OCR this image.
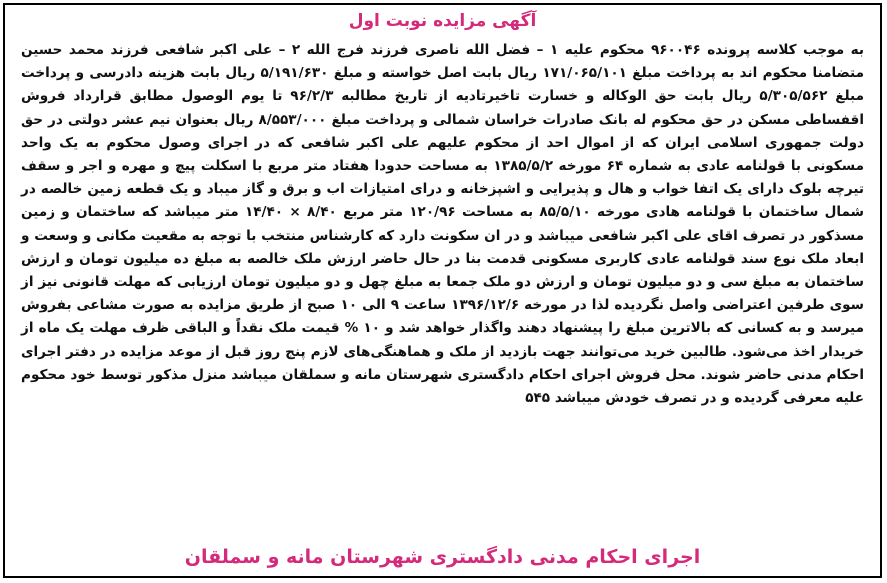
آگهی مزایده نوبت اول
به موجب کلاسه پرونده ۹۶۰۰۴۶ محکوم علیه ۱ – فضل الله ناصری فرزند فرج الله ۲ – علی اکبر شافعی فرزند محمد حسین متضامنا محکوم اند به پرداخت مبلغ ۱۷۱/۰۶۵/۱۰۱ ریال بابت اصل خواسته و مبلغ ۵/۱۹۱/۶۳۰ ریال بابت هزینه دادرسی و پرداخت مبلغ ۵/۳۰۵/۵۶۲ ریال بابت حق الوکاله و خسارت تاخیرتادیه از تاریخ مطالبه ۹۶/۲/۳ تا یوم الوصول مطابق قرارداد فروش اقفساطی مسکن در حق محکوم له بانک صادرات خراسان شمالی و پرداخت مبلغ ۸/۵۵۳/۰۰۰ ریال بعنوان نیم عشر دولتی در حق دولت جمهوری اسلامی ایران که از اموال احد از محکوم علیهم علی اکبر شافعی که در اجرای وصول محکوم به یک واحد مسکونی با قولنامه عادی به شماره ۶۴ مورخه ۱۳۸۵/۵/۲ به مساحت حدودا هفتاد متر مربع با اسکلت پیچ و مهره و اجر و سقف تیرچه بلوک دارای یک اتفا خواب و هال و پذیرایی و اشپزخانه و درای امتیازات اب و برق و گاز میباد و یک قطعه زمین خالصه در شمال ساختمان با قولنامه هادی مورخه ۸۵/۵/۱۰ به مساحت ۱۲۰/۹۶ متر مربع ۸/۴۰ × ۱۴/۴۰ متر میباشد که ساختمان و زمین مسذکور در تصرف اقای علی اکبر شافعی میباشد و در ان سکونت دارد که کارشناس منتخب با توجه به مقعیت مکانی و وسعت و ابعاد ملک نوع سند قولنامه عادی کاربری مسکونی قدمت بنا در حال حاضر ارزش ملک خالصه به مبلغ ده میلیون تومان و ارزش ساختمان به مبلغ سی و دو میلیون تومان و ارزش دو ملک جمعا به مبلغ چهل و دو میلیون تومان ارزیابی که مهلت قانونی نیز از سوی طرفین اعتراضی واصل نگردیده لذا در مورخه ۱۳۹۶/۱۲/۶ ساعت ۹ الی ۱۰ صبح از طریق مزایده به صورت مشاعی بفروش میرسد و به کسانی که بالاترین مبلغ را پیشنهاد دهند واگذار خواهد شد و ۱۰ % قیمت ملک نقداً و الباقی ظرف مهلت یک ماه از خریدار اخذ می‌شود. طالبین خرید می‌توانند جهت بازدید از ملک و هماهنگی‌های لازم پنج روز قبل از موعد مزایده در دفتر اجرای احکام مدنی حاضر شوند. محل فروش اجرای احکام دادگستری شهرستان مانه و سملقان میباشد منزل مذکور توسط خود محکوم علیه معرفی گردیده و در تصرف خودش میباشد ۵۴۵
اجرای احکام مدنی دادگستری شهرستان مانه و سملقان
